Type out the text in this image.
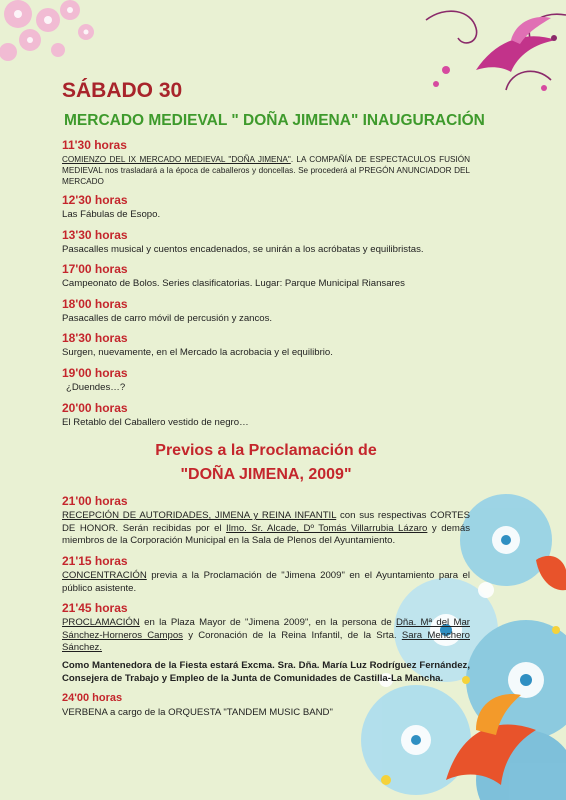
SÁBADO 30
MERCADO MEDIEVAL " DOÑA JIMENA" INAUGURACIÓN
11'30 horas
COMIENZO DEL IX MERCADO MEDIEVAL "DOÑA JIMENA". LA COMPAÑÍA DE ESPECTACULOS FUSIÓN MEDIEVAL nos trasladará a la época de caballeros y doncellas. Se procederá al PREGÓN ANUNCIADOR DEL MERCADO
12'30 horas
Las Fábulas de Esopo.
13'30 horas
Pasacalles musical y cuentos encadenados, se unirán a los acróbatas y equilibristas.
17'00 horas
Campeonato de Bolos. Series clasificatorias. Lugar: Parque Municipal Riansares
18'00 horas
Pasacalles de carro móvil de percusión y zancos.
18'30 horas
Surgen, nuevamente, en el Mercado la acrobacia y el equilibrio.
19'00 horas
¿Duendes…?
20'00 horas
El Retablo del Caballero vestido de negro…
Previos a la Proclamación de
"DOÑA JIMENA, 2009"
21'00 horas
RECEPCIÓN DE AUTORIDADES, JIMENA y REINA INFANTIL con sus respectivas CORTES DE HONOR. Serán recibidas por el Ilmo. Sr. Alcade, Dº Tomás Villarrubia Lázaro y demás miembros de la Corporación Municipal en la Sala de Plenos del Ayuntamiento.
21'15 horas
CONCENTRACIÓN previa a la Proclamación de "Jimena 2009" en el Ayuntamiento para el público asistente.
21'45 horas
PROCLAMACIÓN en la Plaza Mayor de "Jimena 2009", en la persona de Dña. Mª del Mar Sánchez-Horneros Campos y Coronación de la Reina Infantil, de la Srta. Sara Menchero Sánchez.
Como Mantenedora de la Fiesta estará Excma. Sra. Dña. María Luz Rodríguez Fernández, Consejera de Trabajo y Empleo de la Junta de Comunidades de Castilla-La Mancha.
24'00 horas
VERBENA a cargo de la ORQUESTA "TANDEM MUSIC BAND"
